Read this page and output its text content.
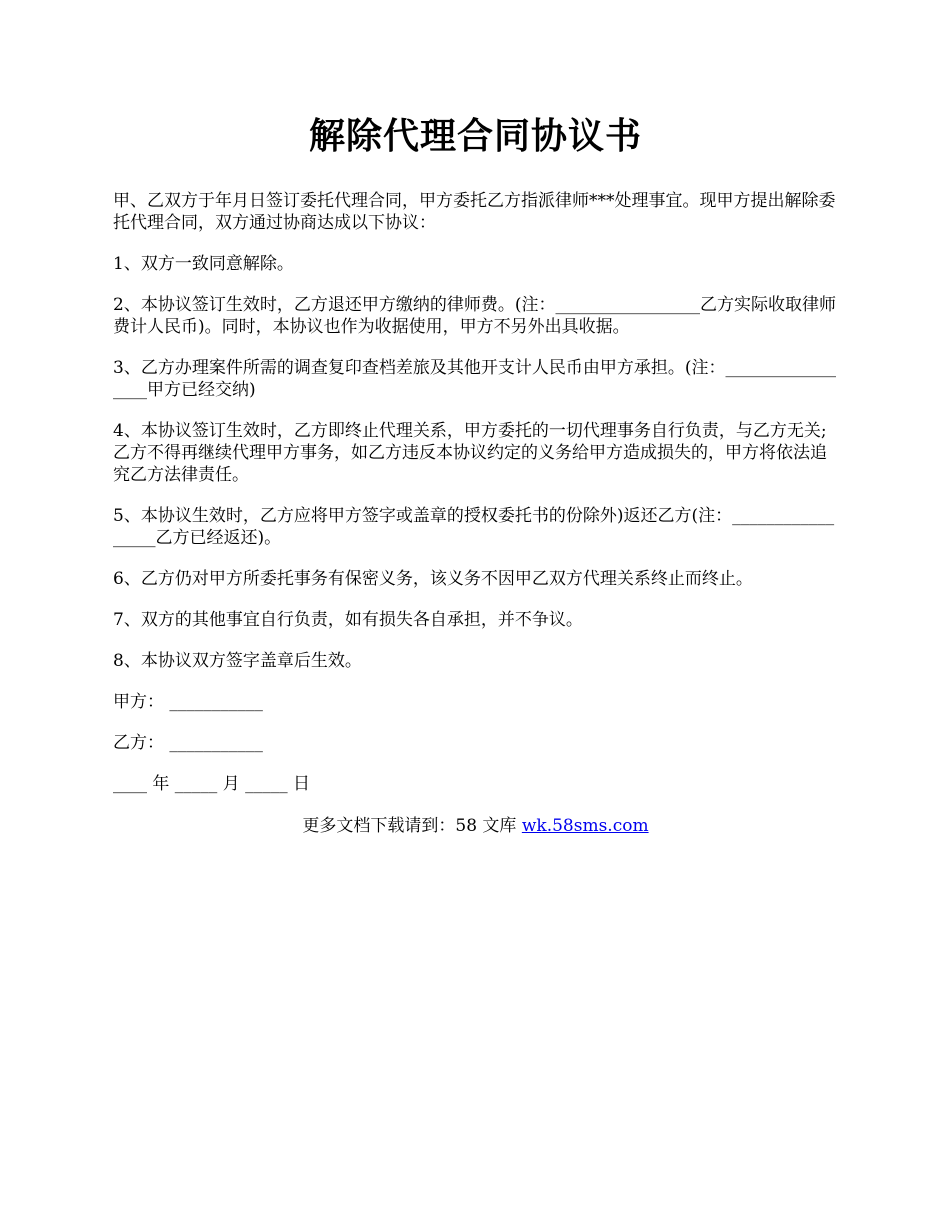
解除代理合同协议书

甲、乙双方于年月日签订委托代理合同，甲方委托乙方指派律师***处理事宜。现甲方提出解除委托代理合同，双方通过协商达成以下协议：

1、双方一致同意解除。

2、本协议签订生效时，乙方退还甲方缴纳的律师费。(注：_________________乙方实际收取律师费计人民币)。同时，本协议也作为收据使用，甲方不另外出具收据。

3、乙方办理案件所需的调查复印查档差旅及其他开支计人民币由甲方承担。(注：_________________甲方已经交纳)

4、本协议签订生效时，乙方即终止代理关系，甲方委托的一切代理事务自行负责，与乙方无关;乙方不得再继续代理甲方事务，如乙方违反本协议约定的义务给甲方造成损失的，甲方将依法追究乙方法律责任。

5、本协议生效时，乙方应将甲方签字或盖章的授权委托书的份除外)返还乙方(注：_________________乙方已经返还)。

6、乙方仍对甲方所委托事务有保密义务，该义务不因甲乙双方代理关系终止而终止。

7、双方的其他事宜自行负责，如有损失各自承担，并不争议。

8、本协议双方签字盖章后生效。

甲方： ___________

乙方： ___________

____ 年 _____ 月 _____ 日

更多文档下载请到：58 文库 wk.58sms.com
